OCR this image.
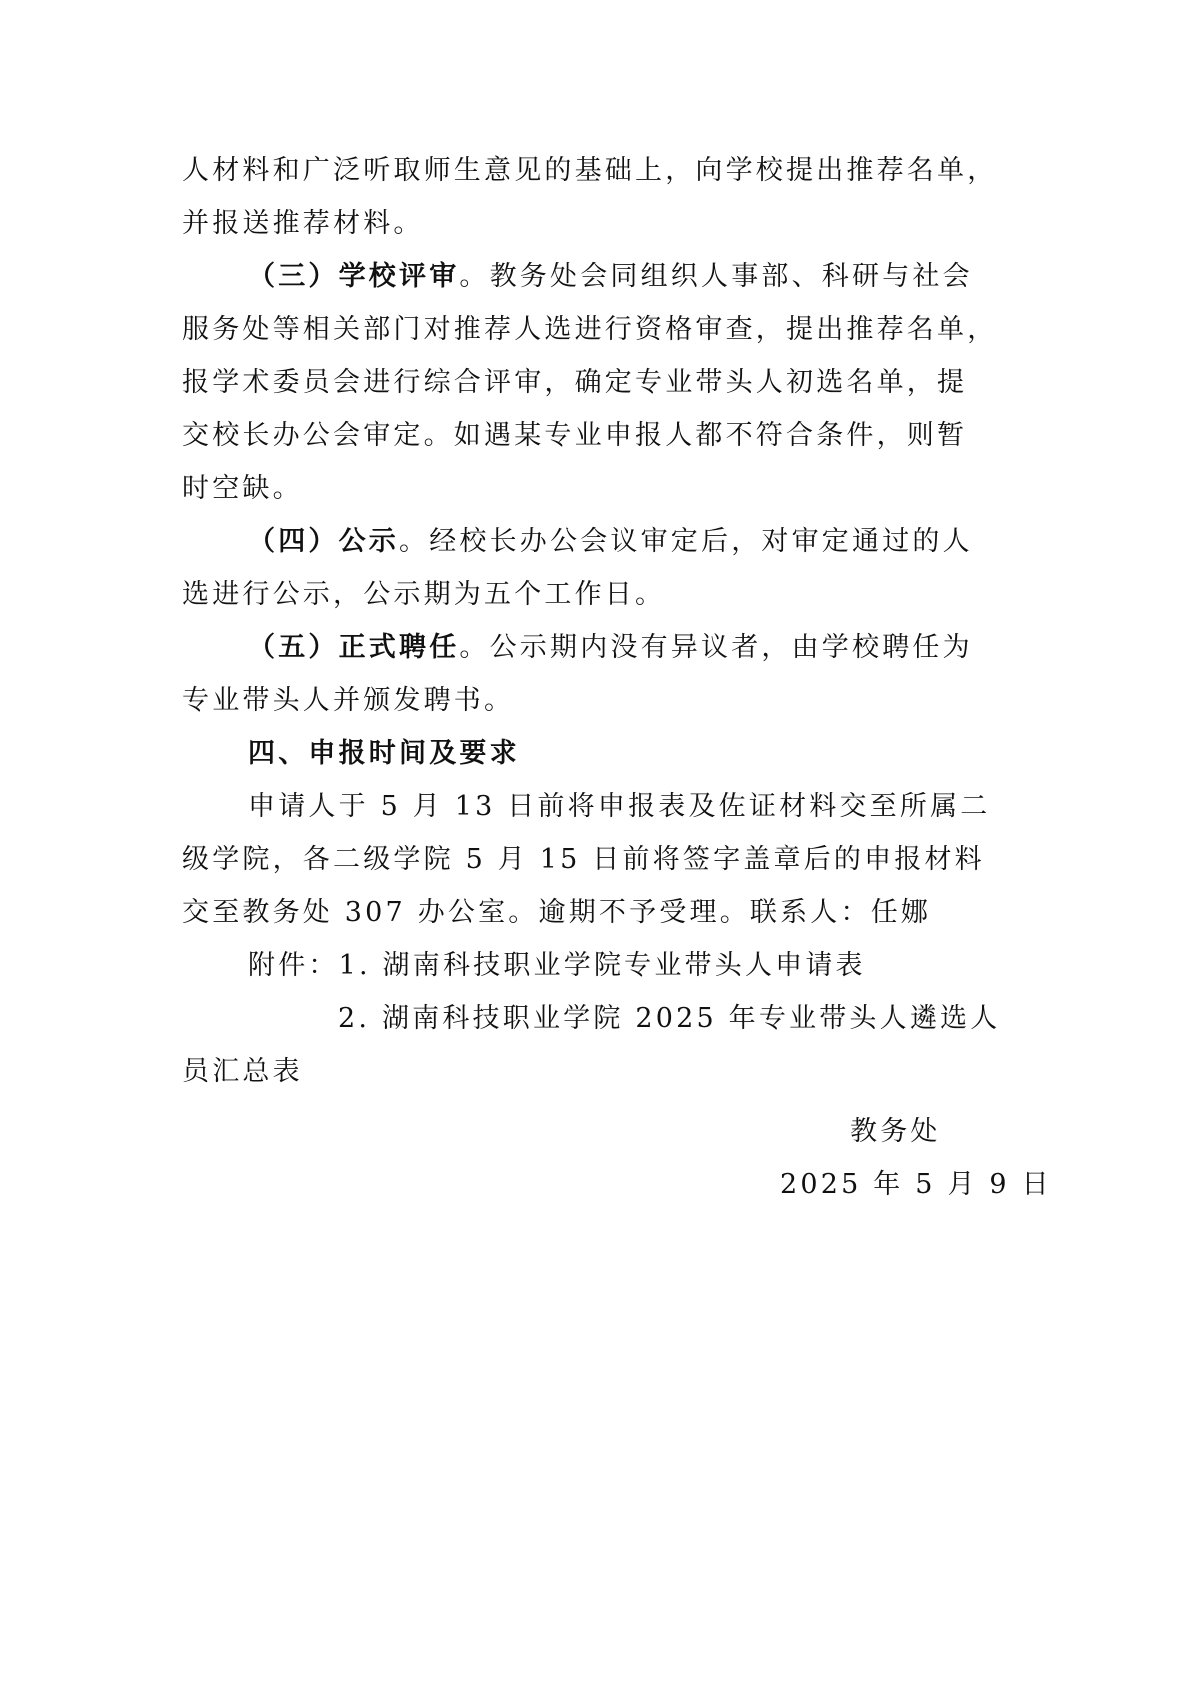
人材料和广泛听取师生意见的基础上，向学校提出推荐名单，
并报送推荐材料。
（三）学校评审。教务处会同组织人事部、科研与社会
服务处等相关部门对推荐人选进行资格审查，提出推荐名单，
报学术委员会进行综合评审，确定专业带头人初选名单，提
交校长办公会审定。如遇某专业申报人都不符合条件，则暂
时空缺。
（四）公示。经校长办公会议审定后，对审定通过的人
选进行公示，公示期为五个工作日。
（五）正式聘任。公示期内没有异议者，由学校聘任为
专业带头人并颁发聘书。
四、申报时间及要求
申请人于 5 月 13 日前将申报表及佐证材料交至所属二
级学院，各二级学院 5 月 15 日前将签字盖章后的申报材料
交至教务处 307 办公室。逾期不予受理。联系人：任娜
附件：1. 湖南科技职业学院专业带头人申请表
2. 湖南科技职业学院 2025 年专业带头人遴选人
员汇总表
教务处
2025 年 5 月 9 日
